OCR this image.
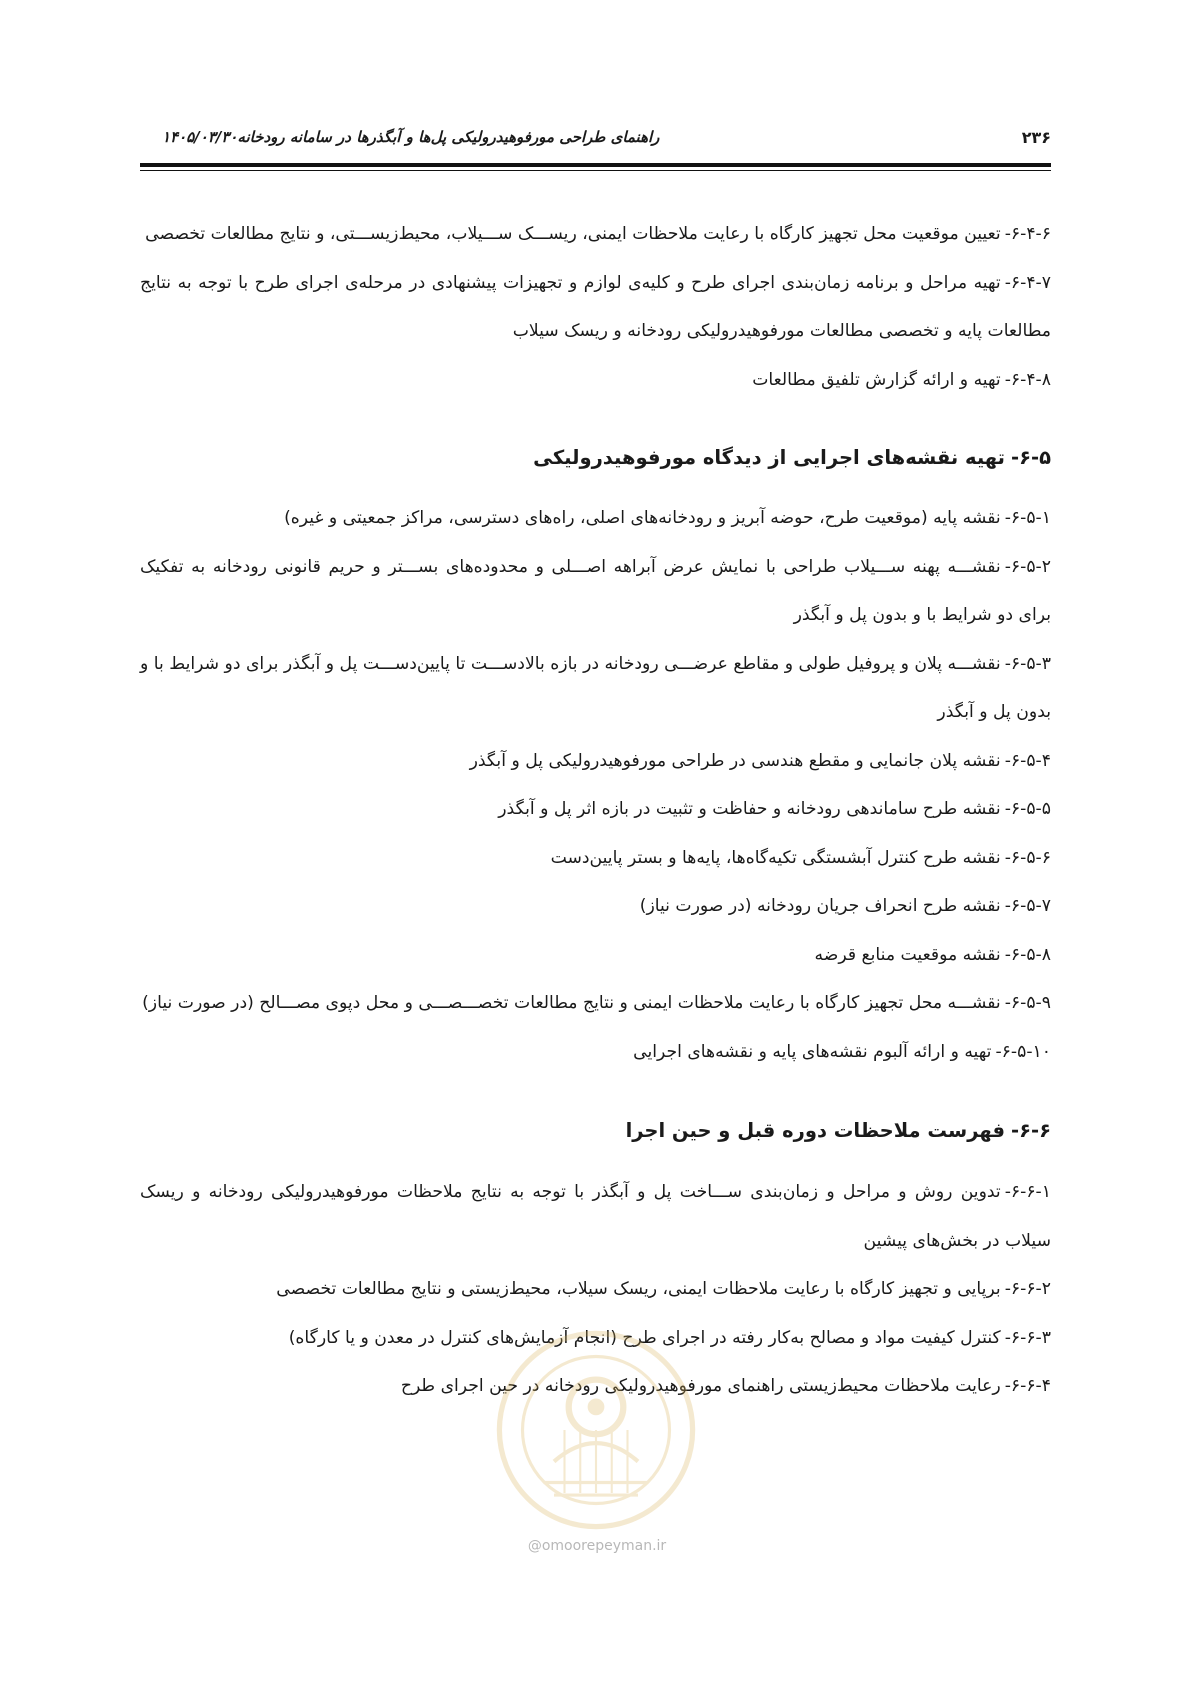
۲۳۶
راهنمای طراحی مورفوهیدرولیکی پل‌ها و آبگذرها در سامانه رودخانه۱۴۰۵/۰۳/۳۰

۶-۴-۶-تعیین موقعیت محل تجهیز کارگاه با رعایت ملاحظات ایمنی، ریســـک ســـیلاب، محیط‌زیســـتی، و نتایج مطالعات تخصصی

۶-۴-۷-تهیه مراحل و برنامه زمان‌بندی اجرای طرح و کلیه‌ی لوازم و تجهیزات پیشنهادی در مرحله‌ی اجرای طرح با توجه به نتایج مطالعات پایه و تخصصی مطالعات مورفوهیدرولیکی رودخانه و ریسک سیلاب

۶-۴-۸-تهیه و ارائه گزارش تلفیق مطالعات

۶-۵-تهیه نقشه‌های اجرایی از دیدگاه مورفوهیدرولیکی

۶-۵-۱-نقشه پایه (موقعیت طرح، حوضه آبریز و رودخانه‌های اصلی، راه‌های دسترسی، مراکز جمعیتی و غیره)

۶-۵-۲-نقشـــه پهنه ســـیلاب طراحی با نمایش عرض آبراهه اصـــلی و محدوده‌های بســـتر و حریم قانونی رودخانه به تفکیک برای دو شرایط با و بدون پل و آبگذر

۶-۵-۳-نقشـــه پلان و پروفیل طولی و مقاطع عرضـــی رودخانه در بازه بالادســـت تا پایین‌دســـت پل و آبگذر برای دو شرایط با و بدون پل و آبگذر

۶-۵-۴-نقشه پلان جانمایی و مقطع هندسی در طراحی مورفوهیدرولیکی پل و آبگذر

۶-۵-۵-نقشه طرح ساماندهی رودخانه و حفاظت و تثبیت در بازه اثر پل و آبگذر

۶-۵-۶-نقشه طرح کنترل آبشستگی تکیه‌گاه‌ها، پایه‌ها و بستر پایین‌دست

۶-۵-۷-نقشه طرح انحراف جریان رودخانه (در صورت نیاز)

۶-۵-۸-نقشه موقعیت منابع قرضه

۶-۵-۹-نقشـــه محل تجهیز کارگاه با رعایت ملاحظات ایمنی و نتایج مطالعات تخصـــصـــی و محل دپوی مصـــالح (در صورت نیاز)

۶-۵-۱۰-تهیه و ارائه آلبوم نقشه‌های پایه و نقشه‌های اجرایی

۶-۶-فهرست ملاحظات دوره قبل و حین اجرا

۶-۶-۱-تدوین روش و مراحل و زمان‌بندی ســـاخت پل و آبگذر با توجه به نتایج ملاحظات مورفوهیدرولیکی رودخانه و ریسک سیلاب در بخش‌های پیشین

۶-۶-۲-برپایی و تجهیز کارگاه با رعایت ملاحظات ایمنی، ریسک سیلاب، محیط‌زیستی و نتایج مطالعات تخصصی

۶-۶-۳-کنترل کیفیت مواد و مصالح به‌کار رفته در اجرای طرح (انجام آزمایش‌های کنترل در معدن و یا کارگاه)

۶-۶-۴-رعایت ملاحظات محیط‌زیستی راهنمای مورفوهیدرولیکی رودخانه در حین اجرای طرح

@omoorepeyman.ir
